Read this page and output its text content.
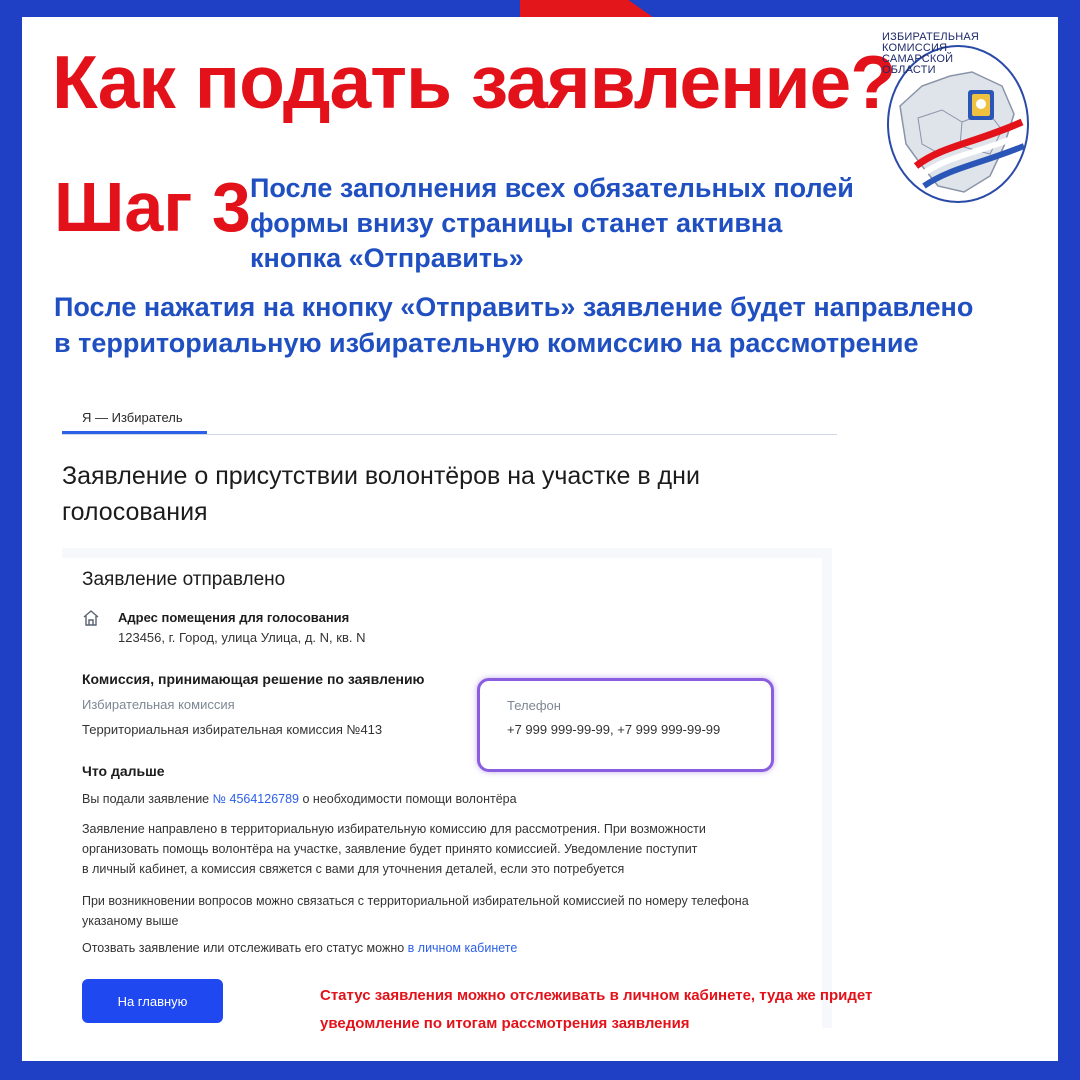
Как подать заявление?
Шаг 3 После заполнения всех обязательных полей
формы внизу страницы станет активна
кнопка «Отправить»
После нажатия на кнопку «Отправить» заявление будет направлено
в территориальную избирательную комиссию на рассмотрение
ИЗБИРАТЕЛЬНАЯ
КОМИССИЯ
САМАРСКОЙ
ОБЛАСТИ
Я — Избиратель
Заявление о присутствии волонтёров на участке в дни голосования
Заявление отправлено
Адрес помещения для голосования
123456, г. Город, улица Улица, д. N, кв. N
Комиссия, принимающая решение по заявлению
Избирательная комиссия
Территориальная избирательная комиссия №413
Телефон
+7 999 999-99-99, +7 999 999-99-99
Что дальше
Вы подали заявление № 4564126789 о необходимости помощи волонтёра
Заявление направлено в территориальную избирательную комиссию для рассмотрения. При возможности
организовать помощь волонтёра на участке, заявление будет принято комиссией. Уведомление поступит
в личный кабинет, а комиссия свяжется с вами для уточнения деталей, если это потребуется
При возникновении вопросов можно связаться с территориальной избирательной комиссией по номеру телефона
указаному выше
Отозвать заявление или отслеживать его статус можно в личном кабинете
На главную	Статус заявления можно отслеживать в личном кабинете, туда же придет
уведомление по итогам рассмотрения заявления
